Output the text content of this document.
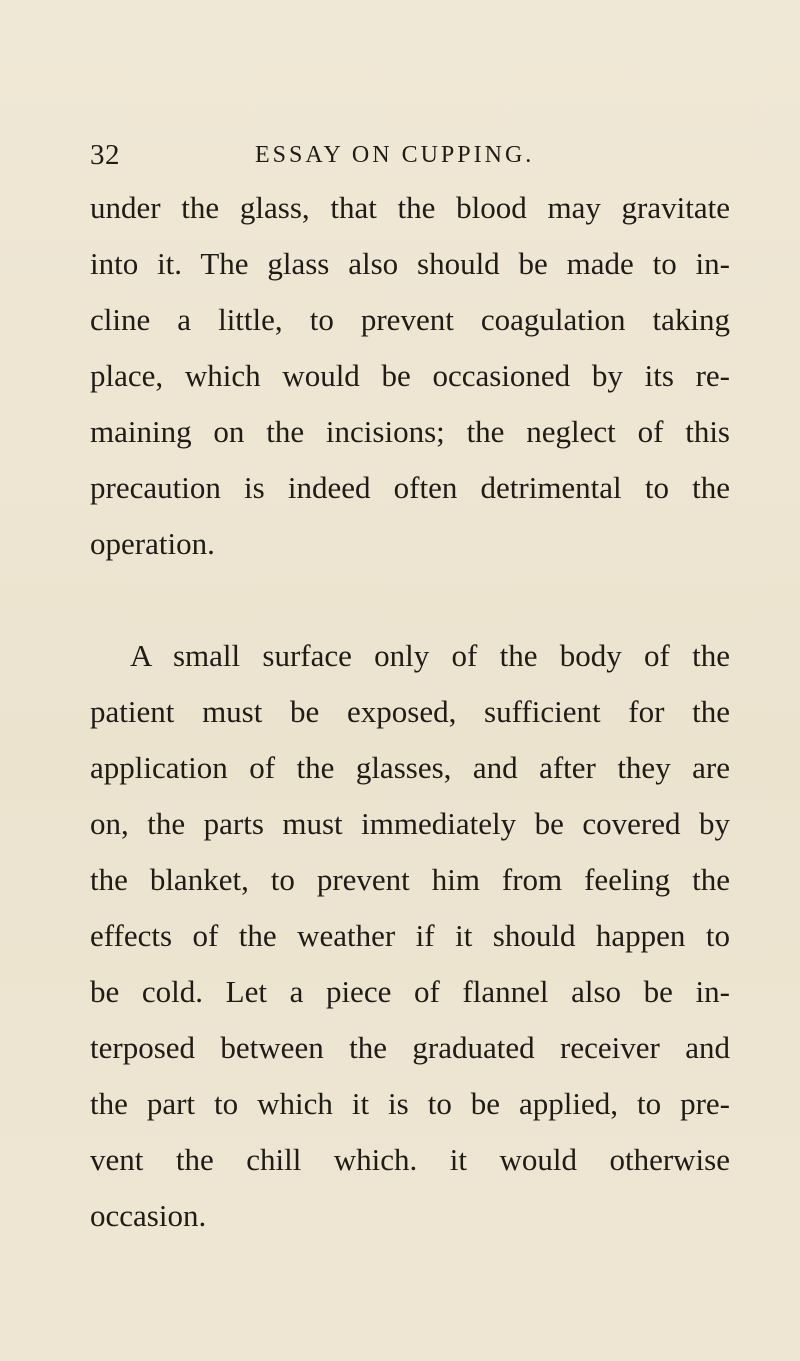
32	ESSAY ON CUPPING.
under the glass, that the blood may gravitate
into it. The glass also should be made to in-
cline a little, to prevent coagulation taking
place, which would be occasioned by its re-
maining on the incisions; the neglect of this
precaution is indeed often detrimental to the
operation.
A small surface only of the body of the
patient must be exposed, sufficient for the
application of the glasses, and after they are
on, the parts must immediately be covered by
the blanket, to prevent him from feeling the
effects of the weather if it should happen to
be cold. Let a piece of flannel also be in-
terposed between the graduated receiver and
the part to which it is to be applied, to pre-
vent the chill which. it would otherwise
occasion.
